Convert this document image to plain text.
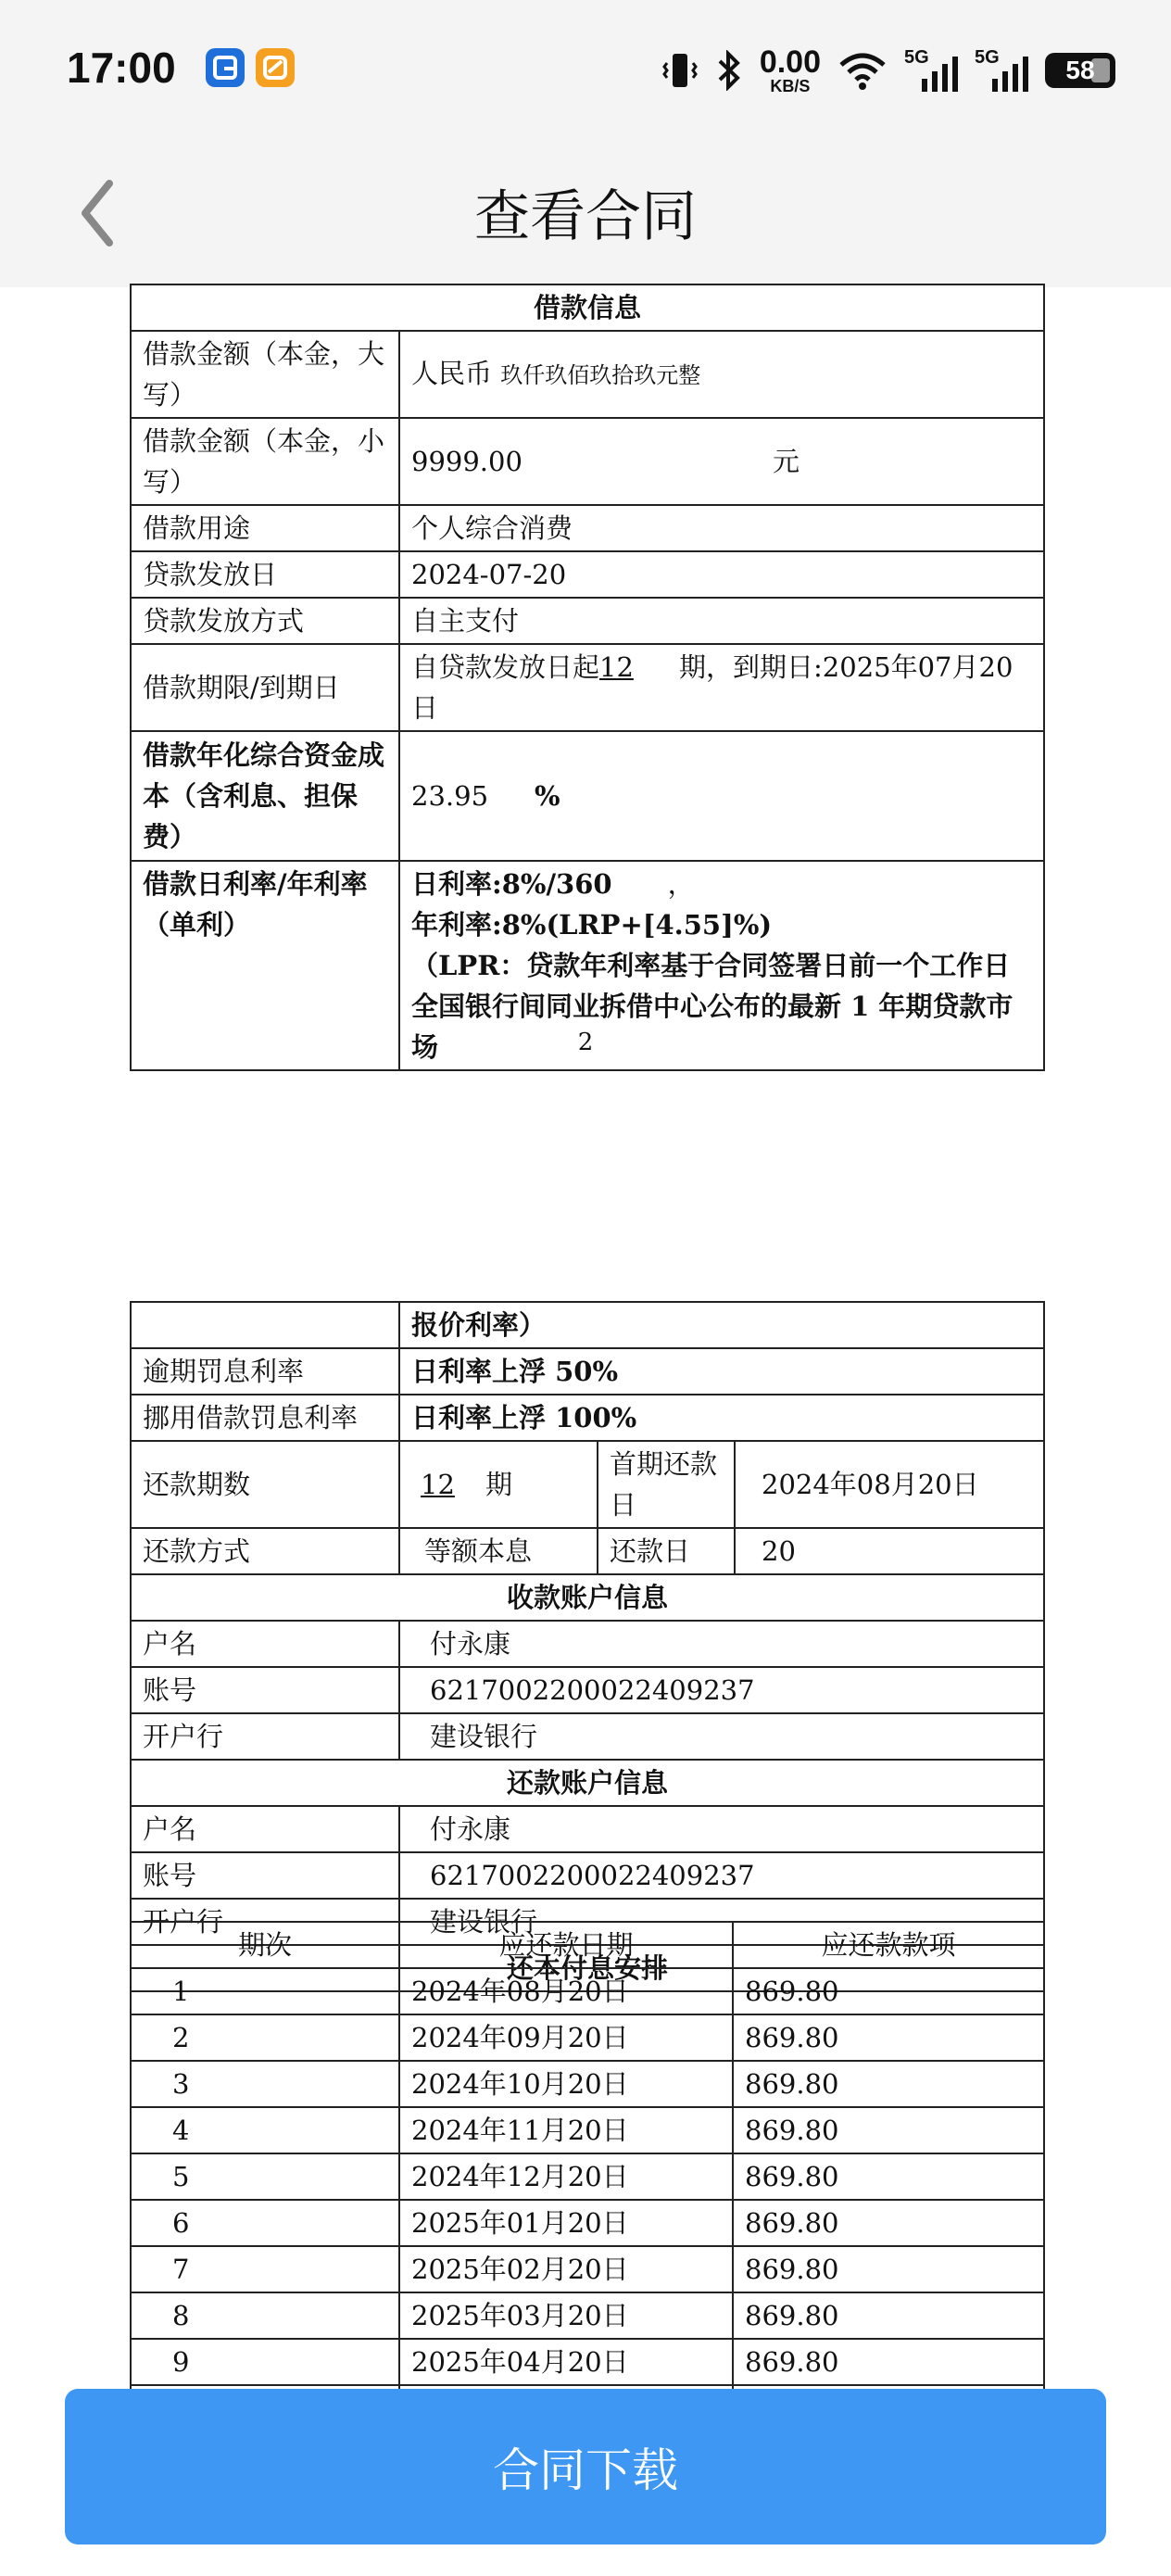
17:00	0.00
KB/S
5G 5G	58
查看合同
借款信息	
借款金额（本金，大写）	人民币 玖仟玖佰玖拾玖元整
借款金额（本金，小写）	9999.00 元
借款用途	个人综合消费
贷款发放日	2024-07-20
贷款发放方式	自主支付
借款期限/到期日	自贷款发放日起12 期，到期日:2025年07月20日
借款年化综合资金成本（含利息、担保费）	23.95 %
借款日利率/年利率（单利）	日利率:8%/360 ，
年利率:8%(LRP+[4.55]%)
（LPR：贷款年利率基于合同签署日前一个工作日全国银行间同业拆借中心公布的最新 1 年期贷款市场	2
	报价利率）		
逾期罚息利率	日利率上浮 50%		
挪用借款罚息利率	日利率上浮 100%		
还款期数	12 期	首期还款日	2024年08月20日
还款方式	等额本息	还款日	20
收款账户信息			
户名	付永康		
账号	6217002200022409237		
开户行	建设银行		
还款账户信息			
户名	付永康		
账号	6217002200022409237		
开户行	建设银行		
还本付息安排			
期次	应还款日期	应还款款项
1	2024年08月20日	869.80
2	2024年09月20日	869.80
3	2024年10月20日	869.80
4	2024年11月20日	869.80
5	2024年12月20日	869.80
6	2025年01月20日	869.80
7	2025年02月20日	869.80
8	2025年03月20日	869.80
9	2025年04月20日	869.80

合同下载
